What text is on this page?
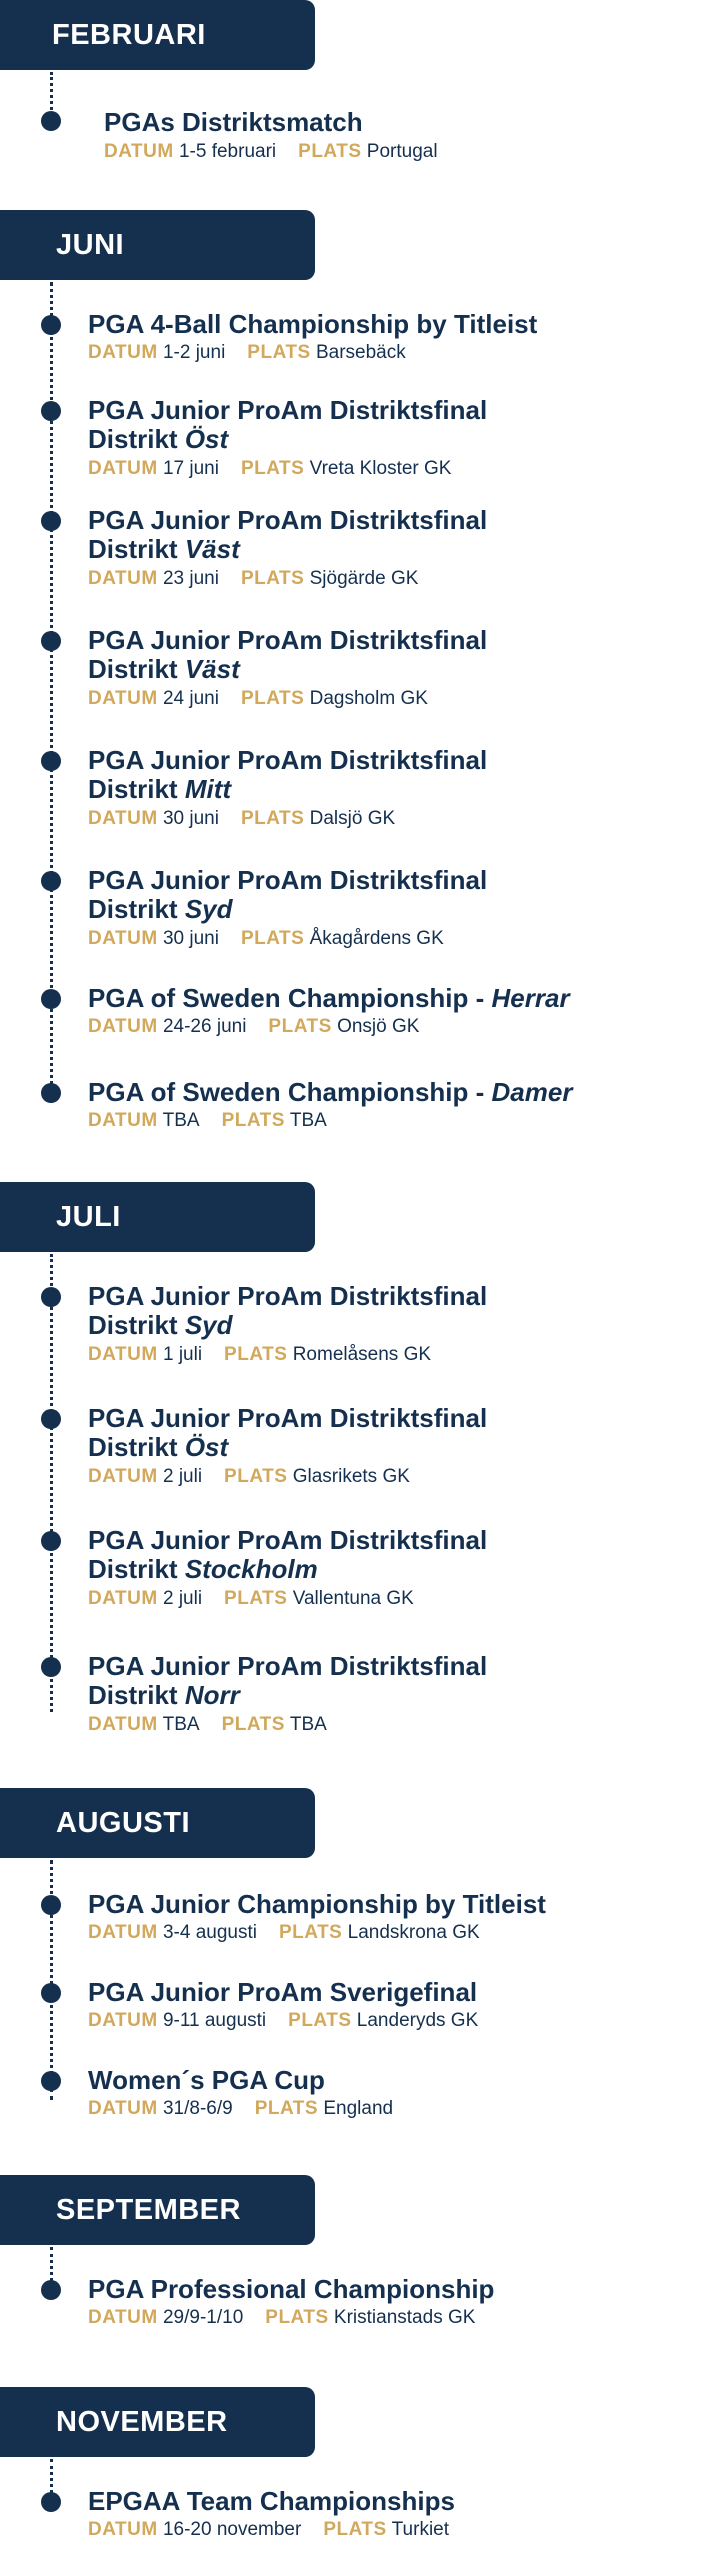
FEBRUARI
PGAs Distriktsmatch
DATUM 1-5 februari PLATS Portugal
JUNI
PGA 4-Ball Championship by Titleist
DATUM 1-2 juni PLATS Barsebäck
PGA Junior ProAm Distriktsfinal
Distrikt Öst
DATUM 17 juni PLATS Vreta Kloster GK
PGA Junior ProAm Distriktsfinal
Distrikt Väst
DATUM 23 juni PLATS Sjögärde GK
PGA Junior ProAm Distriktsfinal
Distrikt Väst
DATUM 24 juni PLATS Dagsholm GK
PGA Junior ProAm Distriktsfinal
Distrikt Mitt
DATUM 30 juni PLATS Dalsjö GK
PGA Junior ProAm Distriktsfinal
Distrikt Syd
DATUM 30 juni PLATS Åkagårdens GK
PGA of Sweden Championship - Herrar
DATUM 24-26 juni PLATS Onsjö GK
PGA of Sweden Championship - Damer
DATUM TBA PLATS TBA
JULI
PGA Junior ProAm Distriktsfinal
Distrikt Syd
DATUM 1 juli PLATS Romelåsens GK
PGA Junior ProAm Distriktsfinal
Distrikt Öst
DATUM 2 juli PLATS Glasrikets GK
PGA Junior ProAm Distriktsfinal
Distrikt Stockholm
DATUM 2 juli PLATS Vallentuna GK
PGA Junior ProAm Distriktsfinal
Distrikt Norr
DATUM TBA PLATS TBA
AUGUSTI
PGA Junior Championship by Titleist
DATUM 3-4 augusti PLATS Landskrona GK
PGA Junior ProAm Sverigefinal
DATUM 9-11 augusti PLATS Landeryds GK
Women´s PGA Cup
DATUM 31/8-6/9 PLATS England
SEPTEMBER
PGA Professional Championship
DATUM 29/9-1/10 PLATS Kristianstads GK
NOVEMBER
EPGAA Team Championships
DATUM 16-20 november PLATS Turkiet
